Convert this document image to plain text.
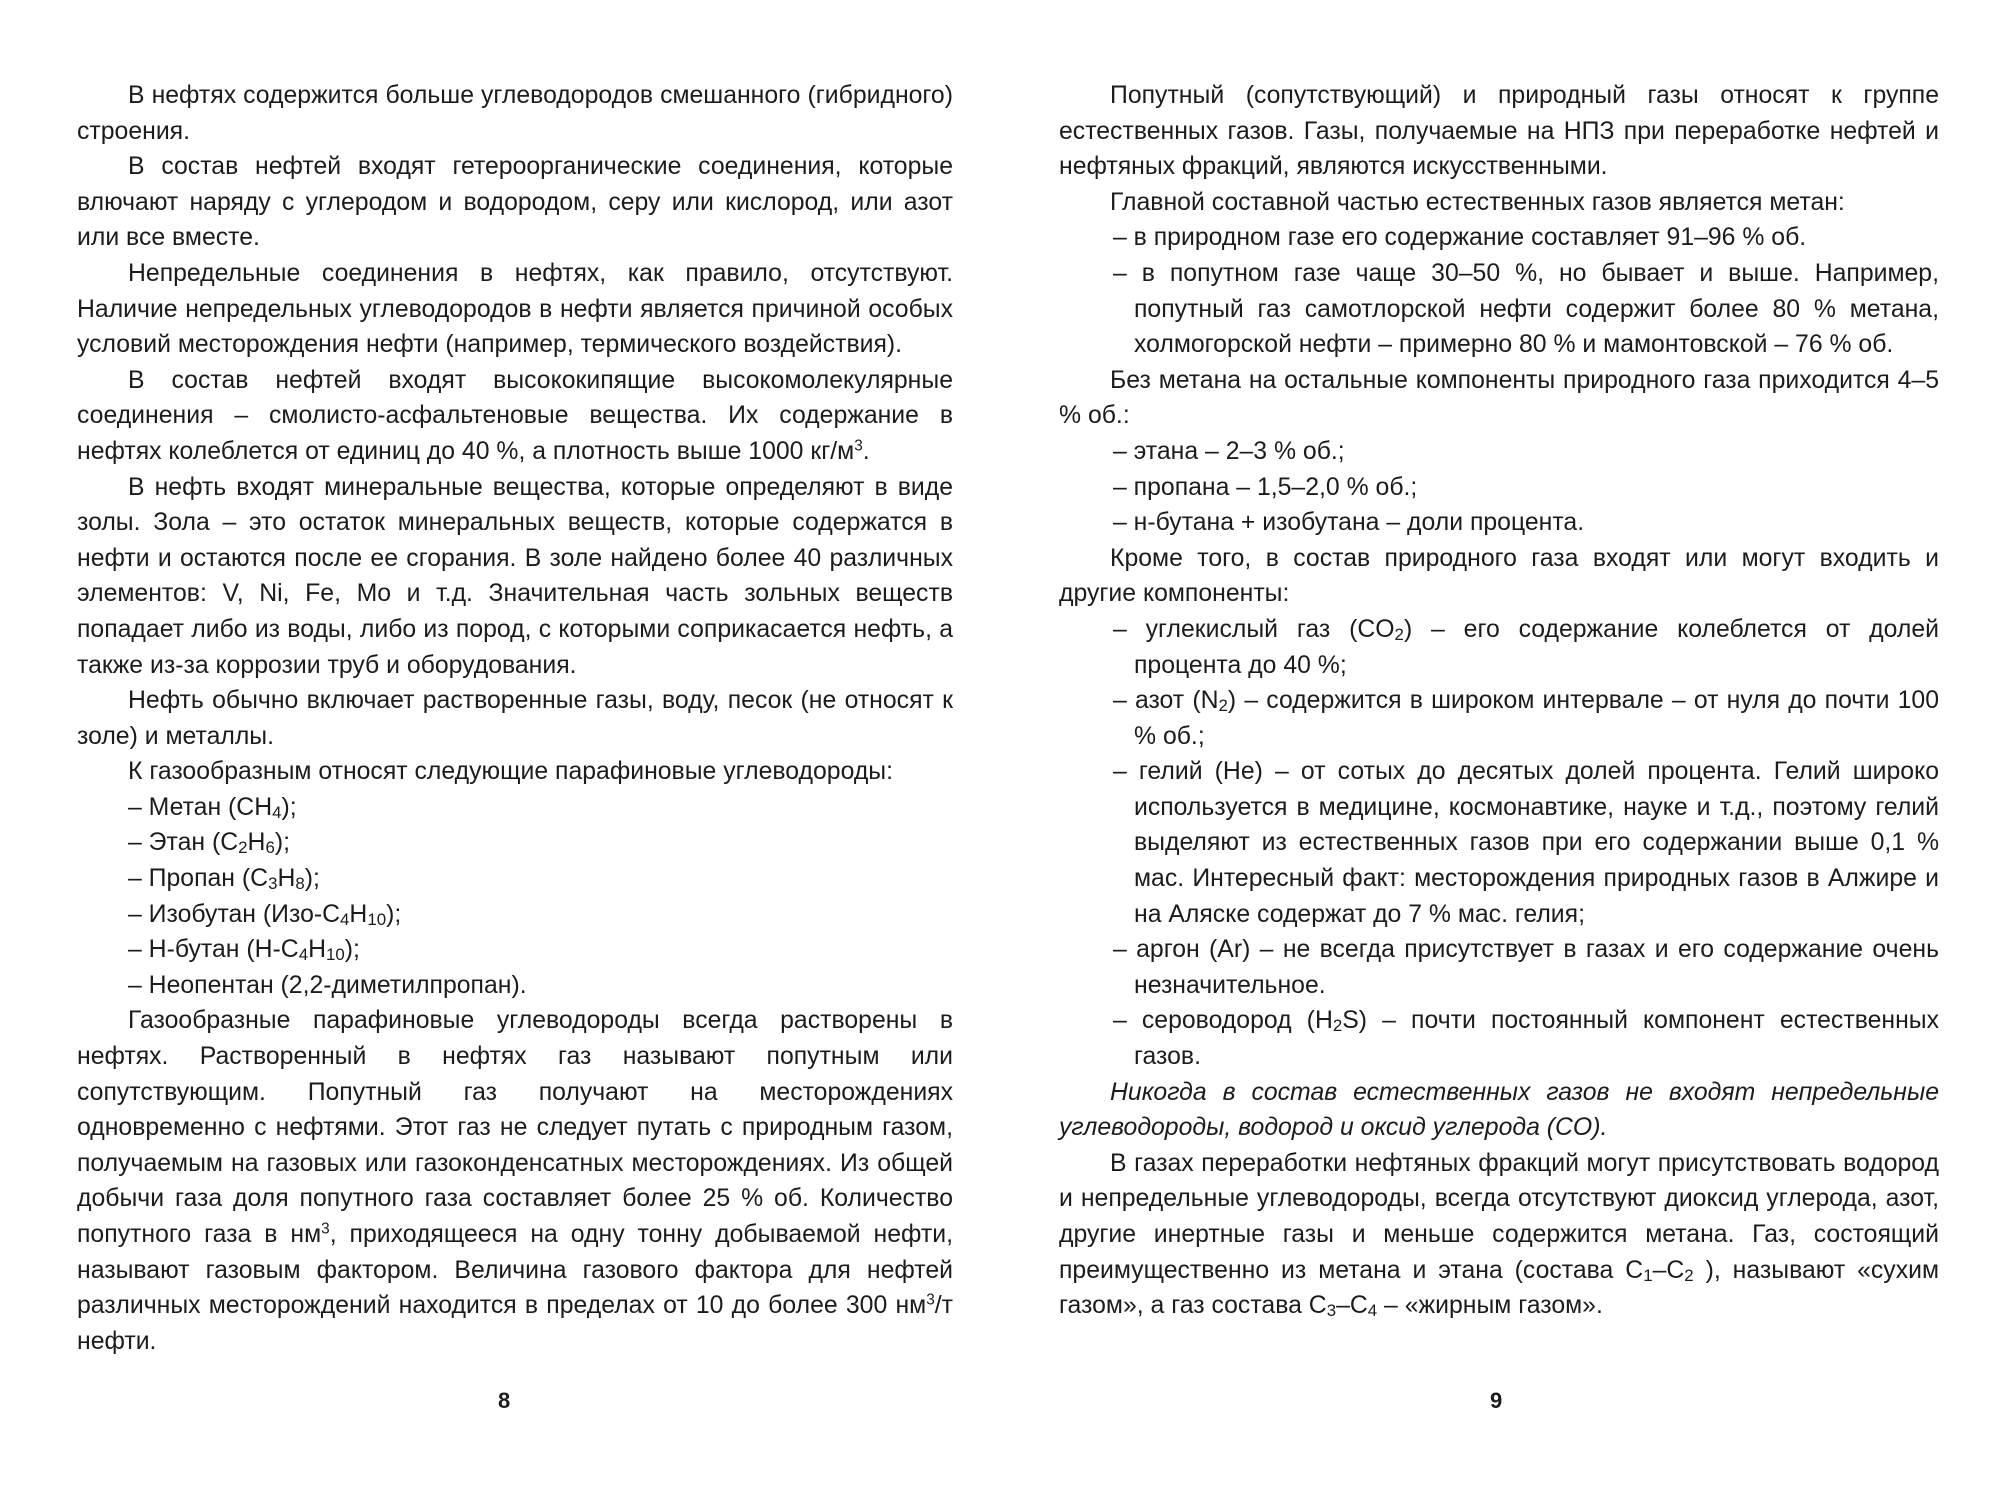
В нефтях содержится больше углеводородов смешанного (гибридного) строения.

В состав нефтей входят гетероорганические соединения, которые влючают наряду с углеродом и водородом, серу или кислород, или азот или все вместе.

Непредельные соединения в нефтях, как правило, отсутствуют. Наличие непредельных углеводородов в нефти является причиной особых условий месторождения нефти (например, термического воздействия).

В состав нефтей входят высококипящие высокомолекулярные соединения – смолисто-асфальтеновые вещества. Их содержание в нефтях колеблется от единиц до 40 %, а плотность выше 1000 $кг/м^3$.

В нефть входят минеральные вещества, которые определяют в виде золы. Зола – это остаток минеральных веществ, которые содержатся в нефти и остаются после ее сгорания. В золе найдено более 40 различных элементов: V, Ni, Fe, Mo и т.д. Значительная часть зольных веществ попадает либо из воды, либо из пород, с которыми соприкасается нефть, а также из-за коррозии труб и оборудования.

Нефть обычно включает растворенные газы, воду, песок (не относят к золе) и металлы.

К газообразным относят следующие парафиновые углеводороды:

– Метан $(CH_4)$;
– Этан $(C_2H_6)$;
– Пропан $(C_3H_8)$;
– Изобутан $(Изо-C_4H_{10})$;
– Н-бутан $(Н-C_4H_{10})$;
– Неопентан (2,2-диметилпропан).

Газообразные парафиновые углеводороды всегда растворены в нефтях. Растворенный в нефтях газ называют попутным или сопутствующим. Попутный газ получают на месторождениях одновременно с нефтями. Этот газ не следует путать с природным газом, получаемым на газовых или газоконденсатных месторождениях. Из общей добычи газа доля попутного газа составляет более 25 % об. Количество попутного газа в $нм^3$, приходящееся на одну тонну добываемой нефти, называют газовым фактором. Величина газового фактора для нефтей различных месторождений находится в пределах от 10 до более 300 $нм^3/т$ нефти.

Попутный (сопутствующий) и природный газы относят к группе естественных газов. Газы, получаемые на НПЗ при переработке нефтей и нефтяных фракций, являются искусственными.

Главной составной частью естественных газов является метан:

– в природном газе его содержание составляет 91–96 % об.
– в попутном газе чаще 30–50 %, но бывает и выше. Например, попутный газ самотлорской нефти содержит более 80 % метана, холмогорской нефти – примерно 80 % и мамонтовской – 76 % об.

Без метана на остальные компоненты природного газа приходится 4–5 % об.:

– этана – 2–3 % об.;
– пропана – 1,5–2,0 % об.;
– н-бутана + изобутана – доли процента.

Кроме того, в состав природного газа входят или могут входить и другие компоненты:

– углекислый газ $(CO_2)$ – его содержание колеблется от долей процента до 40 %;
– азот $(N_2)$ – содержится в широком интервале – от нуля до почти 100 % об.;
– гелий (He) – от сотых до десятых долей процента. Гелий широко используется в медицине, космонавтике, науке и т.д., поэтому гелий выделяют из естественных газов при его содержании выше 0,1 % мас. Интересный факт: месторождения природных газов в Алжире и на Аляске содержат до 7 % мас. гелия;
– аргон (Ar) – не всегда присутствует в газах и его содержание очень незначительное.
– сероводород $(H_2S)$ – почти постоянный компонент естественных газов.

Никогда в состав естественных газов не входят непредельные углеводороды, водород и оксид углерода (CO).

В газах переработки нефтяных фракций могут присутствовать водород и непредельные углеводороды, всегда отсутствуют диоксид углерода, азот, другие инертные газы и меньше содержится метана. Газ, состоящий преимущественно из метана и этана (состава $C_1-C_2$ ), называют «сухим газом», а газ состава $C_3-C_4$ – «жирным газом».

8	9
